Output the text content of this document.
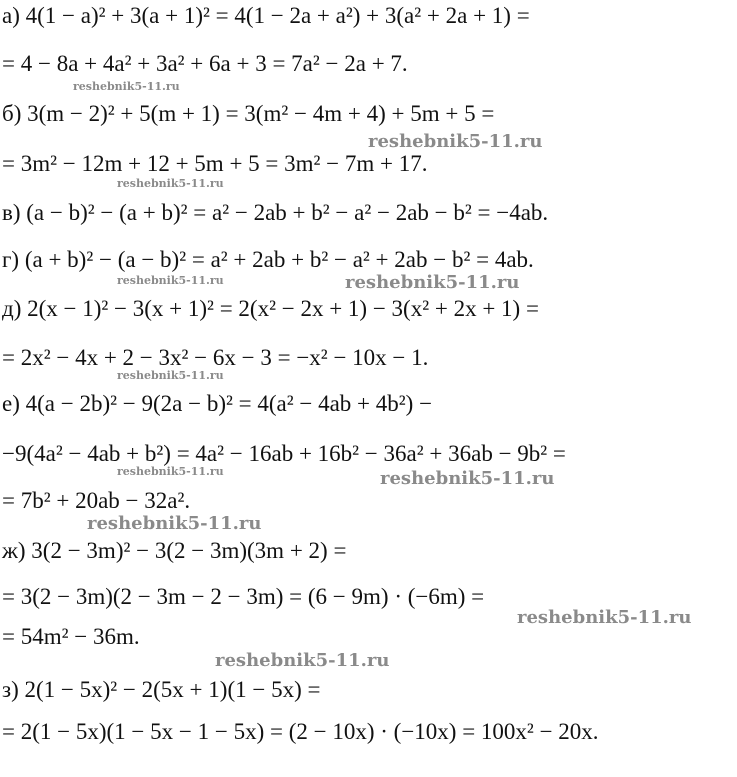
а) 4(1 − a)² + 3(a + 1)² = 4(1 − 2a + a²) + 3(a² + 2a + 1) =
= 4 − 8a + 4a² + 3a² + 6a + 3 = 7a² − 2a + 7.
б) 3(m − 2)² + 5(m + 1) = 3(m² − 4m + 4) + 5m + 5 =
= 3m² − 12m + 12 + 5m + 5 = 3m² − 7m + 17.
в) (a − b)² − (a + b)² = a² − 2ab + b² − a² − 2ab − b² = −4ab.
г) (a + b)² − (a − b)² = a² + 2ab + b² − a² + 2ab − b² = 4ab.
д) 2(x − 1)² − 3(x + 1)² = 2(x² − 2x + 1) − 3(x² + 2x + 1) =
= 2x² − 4x + 2 − 3x² − 6x − 3 = −x² − 10x − 1.
е) 4(a − 2b)² − 9(2a − b)² = 4(a² − 4ab + 4b²) −
−9(4a² − 4ab + b²) = 4a² − 16ab + 16b² − 36a² + 36ab − 9b² =
= 7b² + 20ab − 32a².
ж) 3(2 − 3m)² − 3(2 − 3m)(3m + 2) =
= 3(2 − 3m)(2 − 3m − 2 − 3m) = (6 − 9m) · (−6m) =
= 54m² − 36m.
з) 2(1 − 5x)² − 2(5x + 1)(1 − 5x) =
= 2(1 − 5x)(1 − 5x − 1 − 5x) = (2 − 10x) · (−10x) = 100x² − 20x.
reshebnik5-11.ru
reshebnik5-11.ru
reshebnik5-11.ru
reshebnik5-11.ru	reshebnik5-11.ru
reshebnik5-11.ru
reshebnik5-11.ru
reshebnik5-11.ru
reshebnik5-11.ru
reshebnik5-11.ru
reshebnik5-11.ru
